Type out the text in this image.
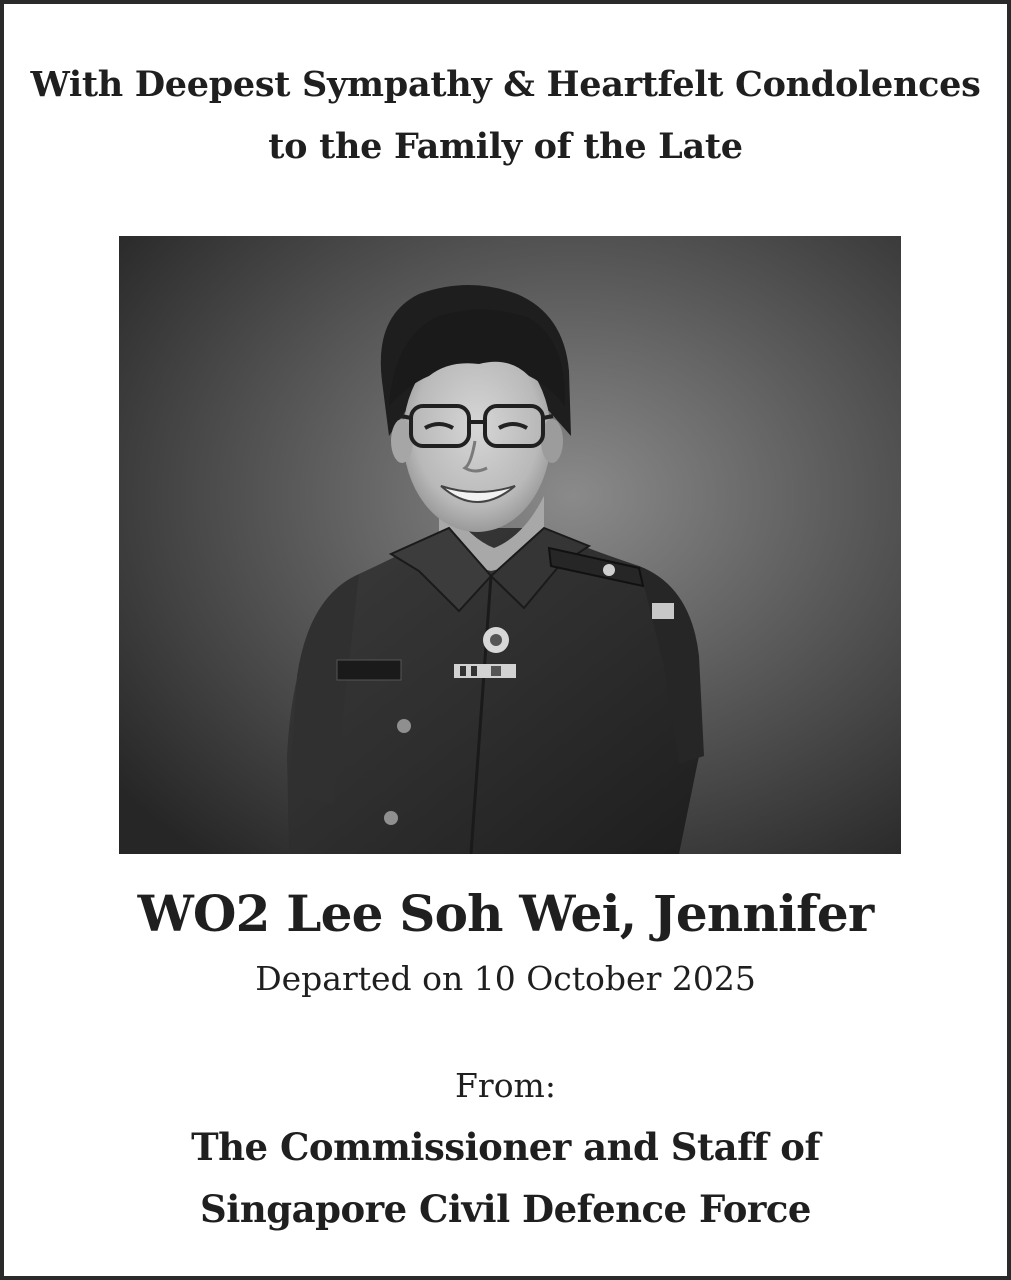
With Deepest Sympathy & Heartfelt Condolences
to the Family of the Late
WO2 Lee Soh Wei, Jennifer
Departed on 10 October 2025
From:
The Commissioner and Staff of
Singapore Civil Defence Force
